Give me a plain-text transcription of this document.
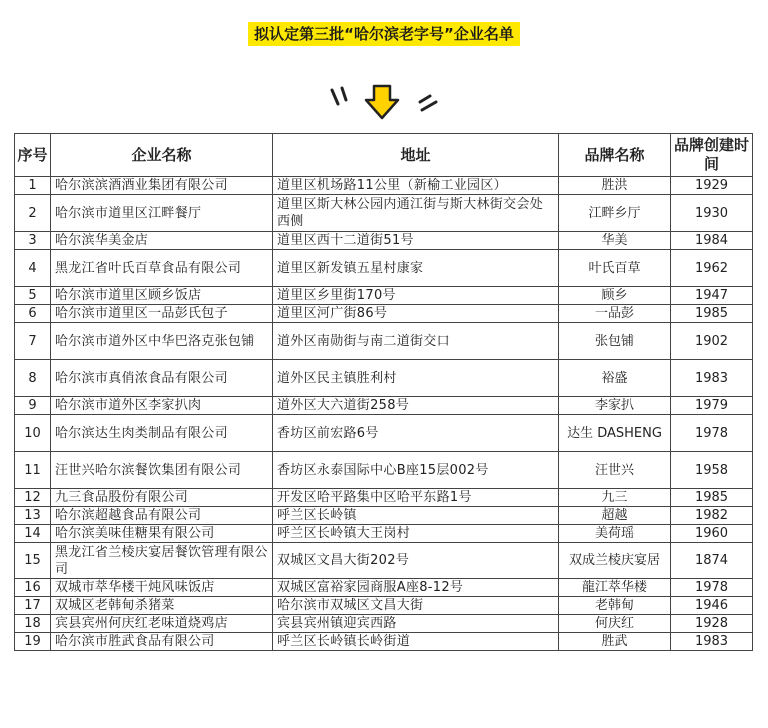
拟认定第三批“哈尔滨老字号”企业名单
序号	企业名称	地址	品牌名称	品牌创建时间
1	哈尔滨滨酒酒业集团有限公司	道里区机场路11公里（新榆工业园区）	胜洪	1929
2	哈尔滨市道里区江畔餐厅	道里区斯大林公园内通江街与斯大林街交会处西侧	江畔乡厅	1930
3	哈尔滨华美金店	道里区西十二道街51号	华美	1984
4	黑龙江省叶氏百草食品有限公司	道里区新发镇五星村康家	叶氏百草	1962
5	哈尔滨市道里区顾乡饭店	道里区乡里街170号	顾乡	1947
6	哈尔滨市道里区一品彭氏包子	道里区河广街86号	一品彭	1985
7	哈尔滨市道外区中华巴洛克张包铺	道外区南勋街与南二道街交口	张包铺	1902
8	哈尔滨市真俏浓食品有限公司	道外区民主镇胜利村	裕盛	1983
9	哈尔滨市道外区李家扒肉	道外区大六道街258号	李家扒	1979
10	哈尔滨达生肉类制品有限公司	香坊区前宏路6号	达生 DASHENG	1978
11	汪世兴哈尔滨餐饮集团有限公司	香坊区永泰国际中心B座15层002号	汪世兴	1958
12	九三食品股份有限公司	开发区哈平路集中区哈平东路1号	九三	1985
13	哈尔滨超越食品有限公司	呼兰区长岭镇	超越	1982
14	哈尔滨美味佳糖果有限公司	呼兰区长岭镇大王岗村	美荷瑶	1960
15	黑龙江省兰棱庆宴居餐饮管理有限公司	双城区文昌大街202号	双成兰棱庆宴居	1874
16	双城市萃华楼干炖风味饭店	双城区富裕家园商服A座8-12号	龍江萃华楼	1978
17	双城区老韩甸杀猪菜	哈尔滨市双城区文昌大街	老韩甸	1946
18	宾县宾州何庆红老味道烧鸡店	宾县宾州镇迎宾西路	何庆红	1928
19	哈尔滨市胜武食品有限公司	呼兰区长岭镇长岭街道	胜武	1983
